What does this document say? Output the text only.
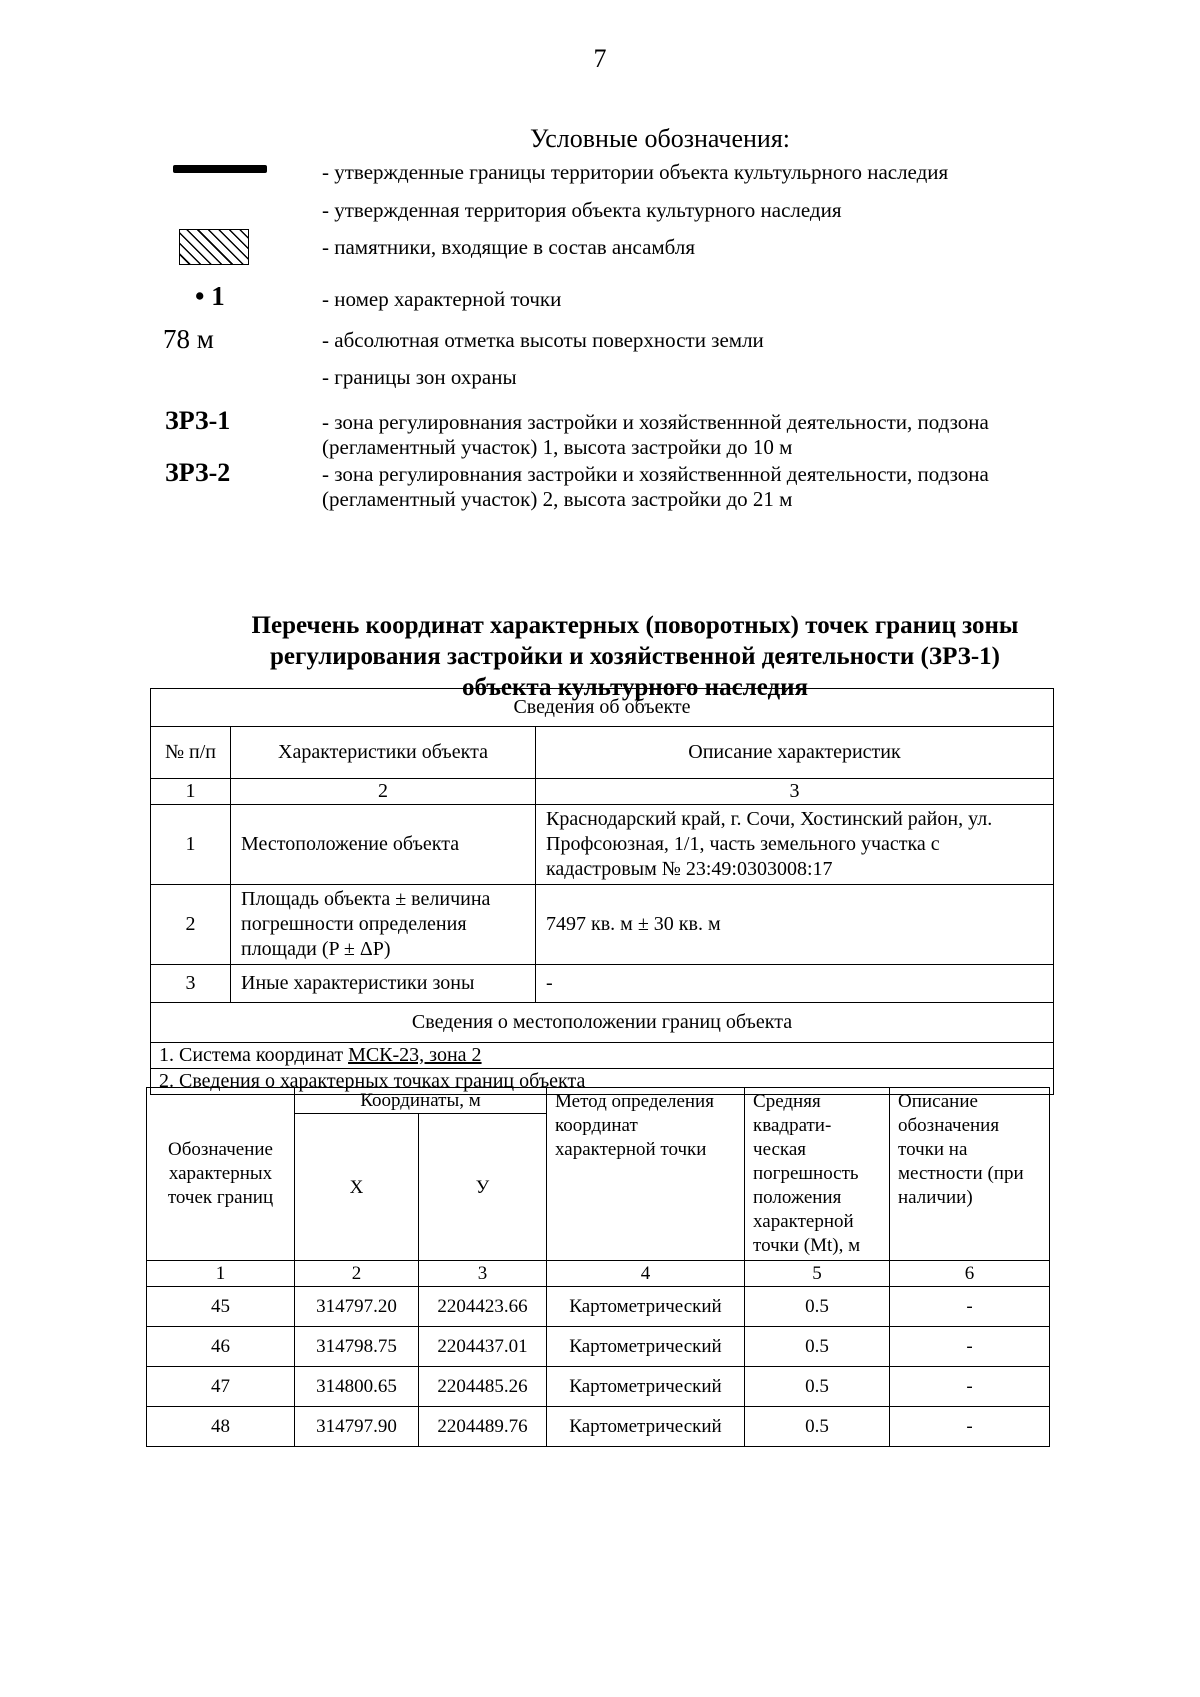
7
Условные обозначения:
- утвержденные границы территории объекта культульрного наследия
- утвержденная территория объекта культурного наследия
- памятники, входящие в состав ансамбля
• 1	- номер характерной точки
78 м	- абсолютная отметка высоты поверхности земли
- границы зон охраны
ЗРЗ-1	- зона регулировнания застройки и хозяйственнной деятельности, подзона (регламентный участок) 1, высота застройки до 10 м
ЗРЗ-2	- зона регулировнания застройки и хозяйственнной деятельности, подзона (регламентный участок) 2, высота застройки до 21 м
Перечень координат характерных (поворотных) точек границ зоны
регулирования застройки и хозяйственной деятельности (ЗРЗ-1)
объекта культурного наследия
Сведения об объекте		
№ п/п	Характеристики объекта	Описание характеристик
1	2	3
1	Местоположение объекта	Краснодарский край, г. Сочи, Хостинский район, ул. Профсоюзная, 1/1, часть земельного участка с кадастровым № 23:49:0303008:17
2	Площадь объекта ± величина погрешности определения площади (P ± ΔP)	7497 кв. м ± 30 кв. м
3	Иные характеристики зоны	-
Сведения о местоположении границ объекта		
1. Система координат МСК-23, зона 2		
2. Сведения о характерных точках границ объекта		
Обозначение характерных точек границ	Координаты, м		Метод определения координат характерной точки	Средняя квадрати-ческая погрешность положения характерной точки (Mt), м	Описание обозначения точки на местности (при наличии)
	X	У			
1	2	3	4	5	6
45	314797.20	2204423.66	Картометрический	0.5	-
46	314798.75	2204437.01	Картометрический	0.5	-
47	314800.65	2204485.26	Картометрический	0.5	-
48	314797.90	2204489.76	Картометрический	0.5	-
